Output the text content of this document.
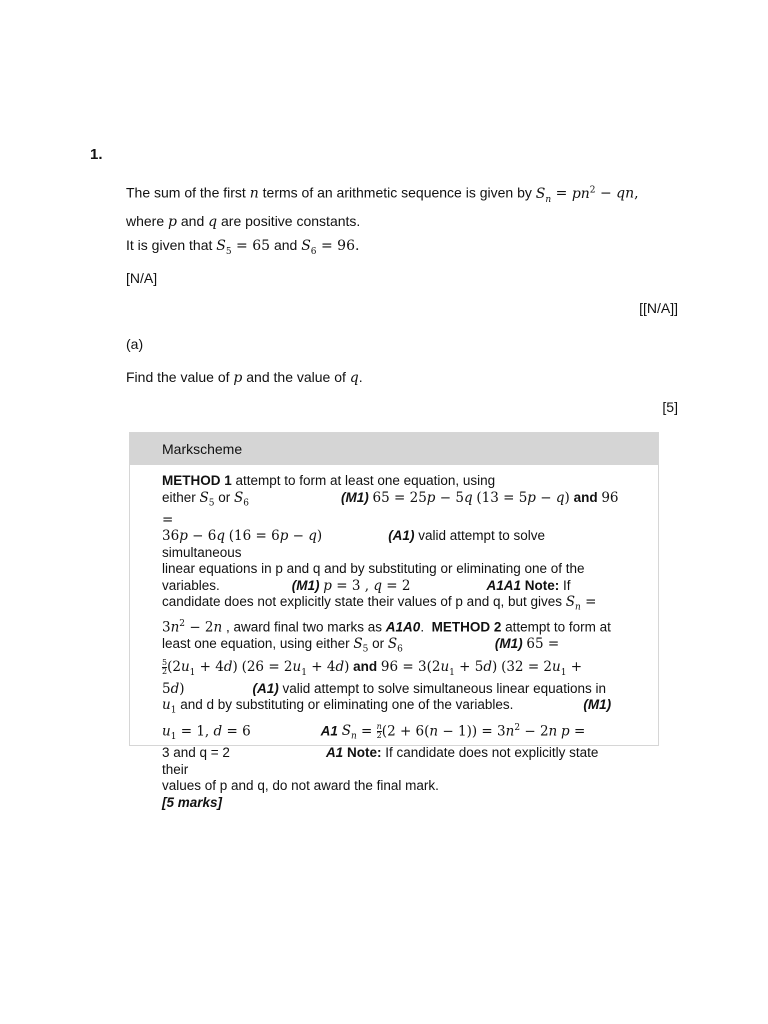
1.
The sum of the first n terms of an arithmetic sequence is given by $S_n = pn^2$ − qn,
where p and q are positive constants.
It is given that $S_5 = 65$ and $S_6 = 96$.
[N/A]
[[N/A]]
(a)
Find the value of p and the value of q.
[5]
Markscheme

METHOD 1 attempt to form at least one equation, using

either $S_5$ or $S_6$	(M1) 65 = 25p − 5q (13 = 5p − q) and 96 =

36p − 6q (16 = 6p − q)	(A1) valid attempt to solve simultaneous

linear equations in p and q and by substituting or eliminating one of the

variables.	(M1) p = 3 , q = 2	A1A1 Note: If

candidate does not explicitly state their values of p and q, but gives $S_n$ =

$3n^2 - 2n$ , award final two marks as A1A0.  METHOD 2 attempt to form at

least one equation, using either $S_5$ or $S_6$	(M1) 65 =

$\frac{5}{2} (2u_1 + 4d) (26 = 2u_1 + 4d)$ and $96 = 3(2u_1 + 5d) (32 = 2u_1$ +

5d)	(A1) valid attempt to solve simultaneous linear equations in

$u_1$ and d by substituting or eliminating one of the variables.	(M1)

$u_1 = 1$, d = 6	A1 $S_n = \frac{n}{2} (2 + 6(n - 1)) = 3n^2 - 2n$ p =

3 and q = 2	A1 Note: If candidate does not explicitly state their

values of p and q, do not award the final mark.

[5 marks]
